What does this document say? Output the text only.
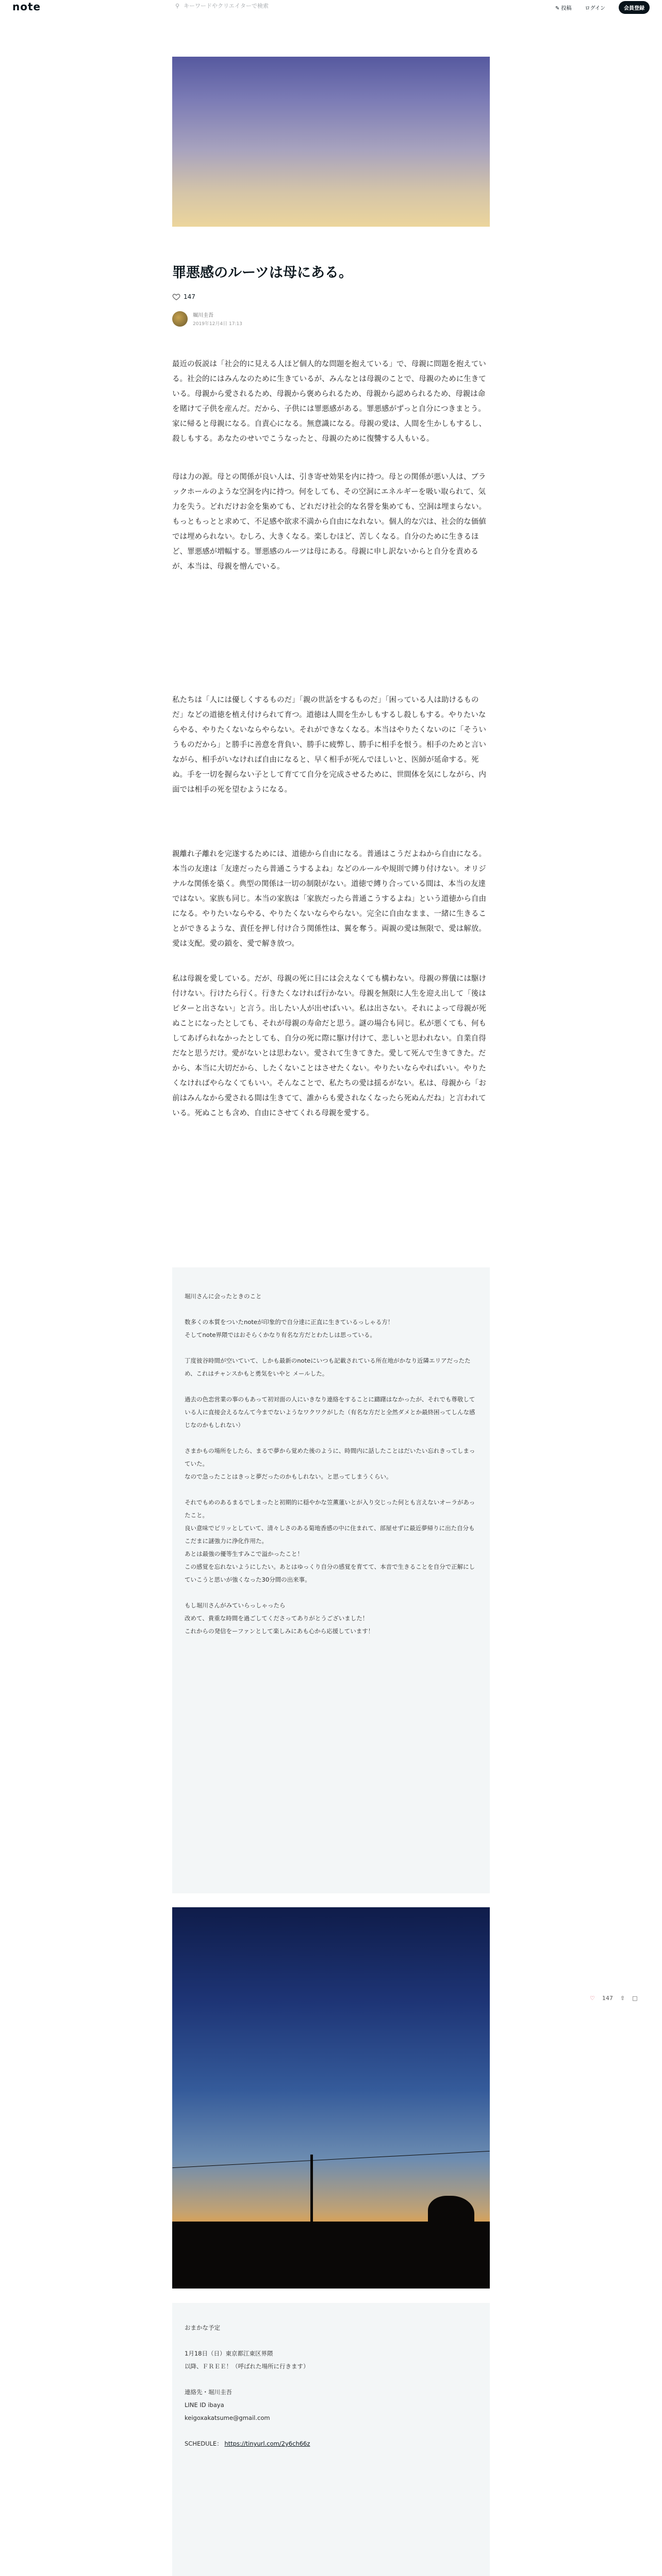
note	⚲ キーワードやクリエイターで検索	✎ 投稿	ログイン	会員登録
罪悪感のルーツは母にある。
147
堀川圭吾
2019年12月4日 17:13
最近の仮説は「社会的に見える人ほど個人的な問題を抱えている」で、母親に問題を抱えている。社会的にはみんなのために生きているが、みんなとは母親のことで、母親のために生きている。母親から愛されるため、母親から褒められるため、母親から認められるため、母親は命を賭けて子供を産んだ。だから、子供には罪悪感がある。罪悪感がずっと自分につきまとう。家に帰ると母親になる。自責心になる。無意識になる。母親の愛は、人間を生かしもするし、殺しもする。あなたのせいでこうなったと、母親のために復讐する人もいる。
母は力の源。母との関係が良い人は、引き寄せ効果を内に持つ。母との関係が悪い人は、ブラックホールのような空洞を内に持つ。何をしても、その空洞にエネルギーを吸い取られて、気力を失う。どれだけお金を集めても、どれだけ社会的な名誉を集めても、空洞は埋まらない。もっともっとと求めて、不足感や欲求不満から自由になれない。個人的な穴は、社会的な価値では埋められない。むしろ、大きくなる。楽しむほど、苦しくなる。自分のために生きるほど、罪悪感が増幅する。罪悪感のルーツは母にある。母親に申し訳ないからと自分を責めるが、本当は、母親を憎んでいる。
私たちは「人には優しくするものだ」「親の世話をするものだ」「困っている人は助けるものだ」などの道徳を植え付けられて育つ。道徳は人間を生かしもするし殺しもする。やりたいならやる、やりたくないならやらない。それができなくなる。本当はやりたくないのに「そういうものだから」と勝手に善意を背負い、勝手に疲弊し、勝手に相手を恨う。相手のためと言いながら、相手がいなければ自由になると、早く相手が死んでほしいと、医師が延命する。死ぬ。手を一切を握らない子として育てて自分を完成させるために、世間体を気にしながら、内面では相手の死を望むようになる。
親離れ子離れを完遂するためには、道徳から自由になる。普通はこうだよねから自由になる。本当の友達は「友達だったら普通こうするよね」などのルールや規則で縛り付けない。オリジナルな関係を築く。典型の関係は一切の制限がない。道徳で縛り合っている間は、本当の友達ではない。家族も同じ。本当の家族は「家族だったら普通こうするよね」という道徳から自由になる。やりたいならやる、やりたくないならやらない。完全に自由なまま、一緒に生きることができるような、責任を押し付け合う関係性は、翼を奪う。両親の愛は無限で、愛は解放。愛は支配。愛の鎖を、愛で解き放つ。
私は母親を愛している。だが、母親の死に目には会えなくても構わない。母親の葬儀には駆け付けない。行けたら行く。行きたくなければ行かない。母親を無限に人生を迎え出して「後はピターと出さない」と言う。出したい人が出せばいい。私は出さない。それによって母親が死ぬことになったとしても、それが母親の寿命だと思う。謎の場合も同じ。私が悪くても、何もしてあげられなかったとしても、自分の死に際に駆け付けて、悲しいと思われない。自業自得だなと思うだけ。愛がないとは思わない。愛されて生きてきた。愛して死んで生きてきた。だから、本当に大切だから、したくないことはさせたくない。やりたいならやればいい。やりたくなければやらなくてもいい。そんなことで、私たちの愛は揺るがない。私は、母親から「お前はみんなから愛される間は生きてて、誰からも愛されなくなったら死ぬんだね」と言われている。死ぬことも含め、自由にさせてくれる母親を愛する。
堀川さんに会ったときのこと
数多くの本質をついたnoteが印象的で自分達に正直に生きているっしゃる方！
そしてnote界隈ではおそらくかなり有名な方だとわたしは思っている。
丁度彼谷時間が空いていて、しかも最新のnoteにいつも記載されている所在地がかなり近隣エリアだったため、これはチャンスかもと勇気をいやと メールした。
過去の色恋営業の事のもあって初対面の人にいきなり連絡をすることに躊躇はなかったが、それでも尊敬している人に直接会えるなんて今までないようなワクワクがした（有名な方だと全然ダメとか最終困ってしんな感じなのかもしれない）
さまかもの場所をしたら、まるで夢から覚めた後のように、時間内に話したことはだいたい忘れきってしまっていた。
なので急ったことはきっと夢だったのかもしれない。と思ってしまうくらい。
それでもめのあるまるでしまったと初期的に穏やかな笠薫蓮いとが入り交じった何とも言えないオーラがあったこと。
良い意味でピリッとしていて、清々しさのある菊地香感の中に住まれて、部屋せずに最近夢帰りに出た自分もこだまに謎強力に浄化作用た。
あとは最強の優等生すみこで溢かったこと！
この感覚を忘れないようにしたい。あとはゆっくり自分の感覚を育てて、本音で生きることを自分で正解にしていこうと思いが強くなった30分間の出来事。
もし堀川さんがみていらっしゃったら
改めて、貴重な時間を過ごしてくださってありがとうございました！
これからの発信をーファンとして楽しみにあも心から応援しています！
おまかな予定
1月18日（日）東京都江東区界隈
以降、ＦＲＥＥ！（呼ばれた場所に行きます）
連絡先・堀川圭吾
LINE ID ibaya
keigoxakatsume@gmail.com
SCHEDULE： https://tinyurl.com/2y6ch66z
♡ 147 ⇧ □
